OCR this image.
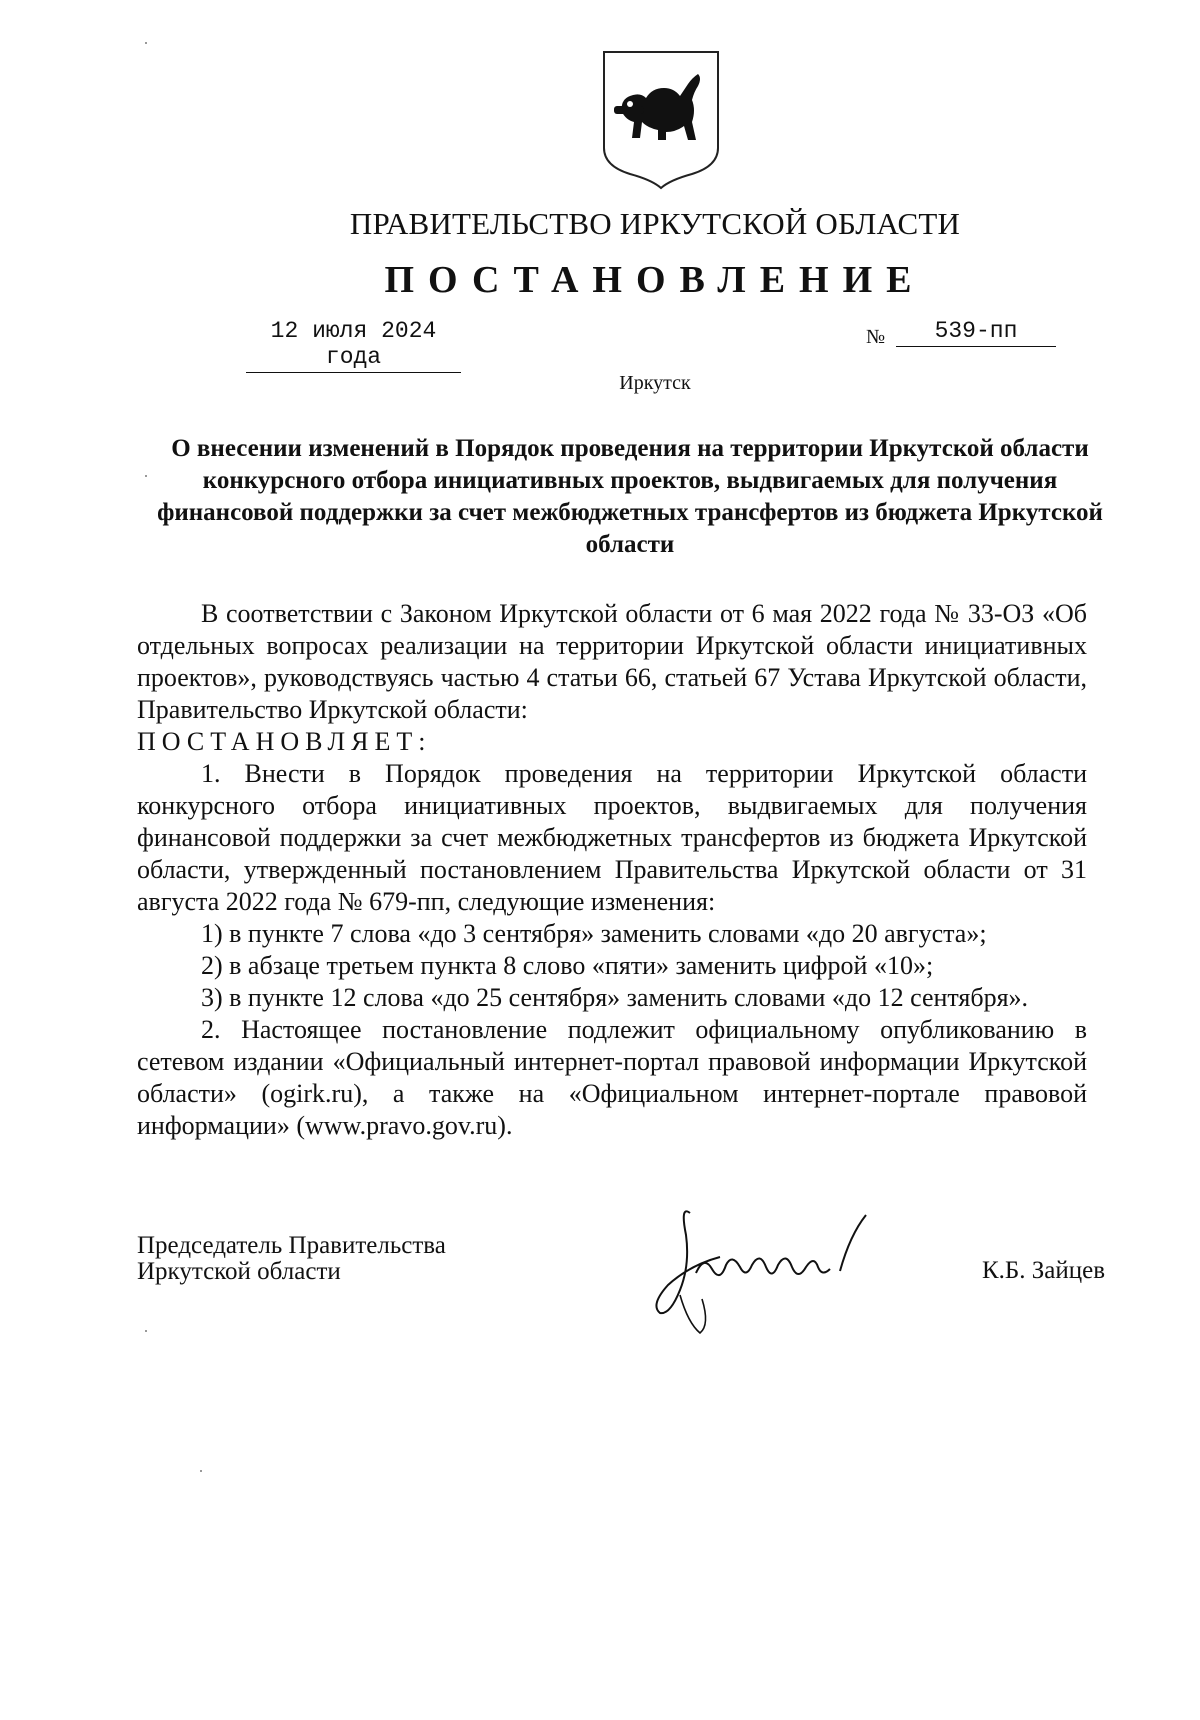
ПРАВИТЕЛЬСТВО ИРКУТСКОЙ ОБЛАСТИ
ПОСТАНОВЛЕНИЕ
12 июля 2024 года
№	539-пп
Иркутск
О внесении изменений в Порядок проведения на территории Иркутской области конкурсного отбора инициативных проектов, выдвигаемых для получения финансовой поддержки за счет межбюджетных трансфертов из бюджета Иркутской области

В соответствии с Законом Иркутской области от 6 мая 2022 года № 33-ОЗ «Об отдельных вопросах реализации на территории Иркутской области инициативных проектов», руководствуясь частью 4 статьи 66, статьей 67 Устава Иркутской области, Правительство Иркутской области:

ПОСТАНОВЛЯЕТ:

1. Внести в Порядок проведения на территории Иркутской области конкурсного отбора инициативных проектов, выдвигаемых для получения финансовой поддержки за счет межбюджетных трансфертов из бюджета Иркутской области, утвержденный постановлением Правительства Иркутской области от 31 августа 2022 года № 679-пп, следующие изменения:

1) в пункте 7 слова «до 3 сентября» заменить словами «до 20 августа»;

2) в абзаце третьем пункта 8 слово «пяти» заменить цифрой «10»;

3) в пункте 12 слова «до 25 сентября» заменить словами «до 12 сентября».

2. Настоящее постановление подлежит официальному опубликованию в сетевом издании «Официальный интернет-портал правовой информации Иркутской области» (ogirk.ru), а также на «Официальном интернет-портале правовой информации» (www.pravo.gov.ru).

Председатель Правительства
Иркутской области	К.Б. Зайцев
